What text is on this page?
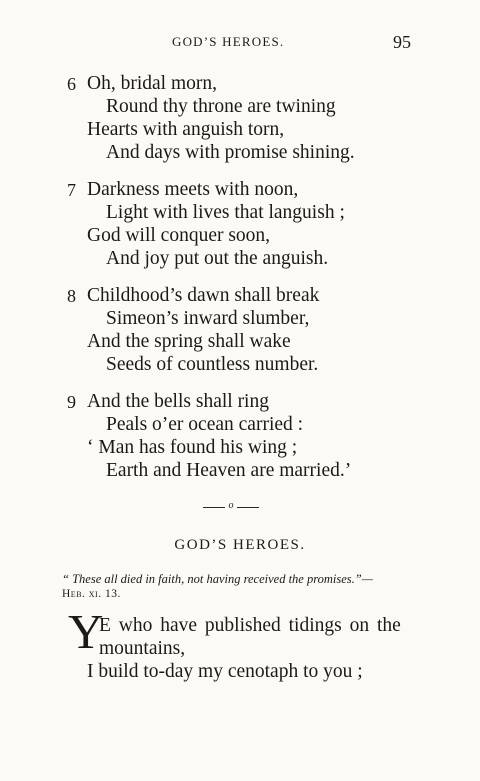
GOD’S HEROES.	95
6 Oh, bridal morn,
Round thy throne are twining
Hearts with anguish torn,
And days with promise shining.
7 Darkness meets with noon,
Light with lives that languish ;
God will conquer soon,
And joy put out the anguish.
8 Childhood’s dawn shall break
Simeon’s inward slumber,
And the spring shall wake
Seeds of countless number.
9 And the bells shall ring
Peals o’er ocean carried :
‘ Man has found his wing ;
Earth and Heaven are married.’
o
GOD’S HEROES.
“ These all died in faith, not having received the promises.”—
Heb. xi. 13.
Y
E who have published tidings on the
mountains,
I build to-day my cenotaph to you ;
